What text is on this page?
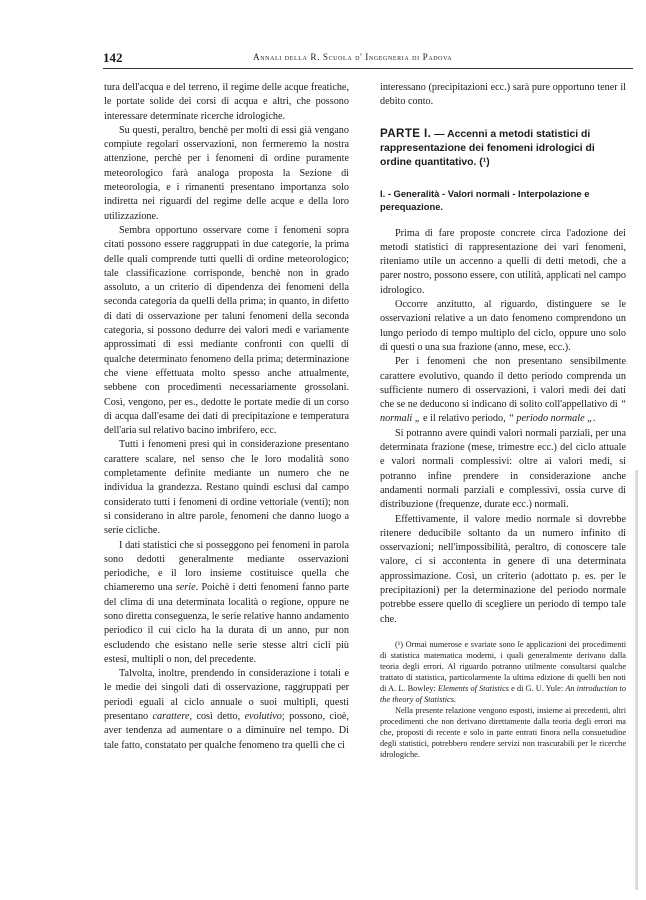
142	Annali della R. Scuola d' Ingegneria di Padova

tura dell'acqua e del terreno, il regime delle acque freatiche, le portate solide dei corsi di acqua e altri, che possono interessare determinate ricerche idrologiche.

Su questi, peraltro, benchè per molti di essi già vengano compiute regolari osservazioni, non fermeremo la nostra attenzione, perchè per i fenomeni di ordine puramente meteorologico farà analoga proposta la Sezione di meteorologia, e i rimanenti presentano importanza solo indiretta nei riguardi del regime delle acque e della loro utilizzazione.

Sembra opportuno osservare come i fenomeni sopra citati possono essere raggruppati in due categorie, la prima delle quali comprende tutti quelli di ordine meteorologico; tale classificazione corrisponde, benchè non in grado assoluto, a un criterio di dipendenza dei fenomeni della seconda categoria da quelli della prima; in quanto, in difetto di dati di osservazione per taluni fenomeni della seconda categoria, si possono dedurre dei valori medi e variamente approssimati di essi mediante confronti con quelli di qualche determinato fenomeno della prima; determinazione che viene effettuata molto spesso anche attualmente, sebbene con procedimenti necessariamente grossolani. Così, vengono, per es., dedotte le portate medie di un corso di acqua dall'esame dei dati di precipitazione e temperatura dell'aria sul relativo bacino imbrifero, ecc.

Tutti i fenomeni presi qui in considerazione presentano carattere scalare, nel senso che le loro modalità sono completamente definite mediante un numero che ne individua la grandezza. Restano quindi esclusi dal campo considerato tutti i fenomeni di ordine vettoriale (venti); non si considerano in altre parole, fenomeni che danno luogo a serie cicliche.

I dati statistici che si posseggono pei fenomeni in parola sono dedotti generalmente mediante osservazioni periodiche, e il loro insieme costituisce quella che chiameremo una serie. Poichè i detti fenomeni fanno parte del clima di una determinata località o regione, oppure ne sono diretta conseguenza, le serie relative hanno andamento periodico il cui ciclo ha la durata di un anno, pur non escludendo che esistano nelle serie stesse altri cicli più estesi, multipli o non, del precedente.

Talvolta, inoltre, prendendo in considerazione i totali e le medie dei singoli dati di osservazione, raggruppati per periodi eguali al ciclo annuale o suoi multipli, questi presentano carattere, così detto, evolutivo; possono, cioè, aver tendenza ad aumentare o a diminuire nel tempo. Di tale fatto, constatato per qualche fenomeno tra quelli che ci

interessano (precipitazioni ecc.) sarà pure opportuno tener il debito conto.

PARTE I. — Accenni a metodi statistici di rappresentazione dei fenomeni idrologici di ordine quantitativo. (¹)
I. - Generalità - Valori normali - Interpolazione e perequazione.

Prima di fare proposte concrete circa l'adozione dei metodi statistici di rappresentazione dei vari fenomeni, riteniamo utile un accenno a quelli di detti metodi, che a parer nostro, possono essere, con utilità, applicati nel campo idrologico.

Occorre anzitutto, al riguardo, distinguere se le osservazioni relative a un dato fenomeno comprendono un lungo periodo di tempo multiplo del ciclo, oppure uno solo di questi o una sua frazione (anno, mese, ecc.).

Per i fenomeni che non presentano sensibilmente carattere evolutivo, quando il detto periodo comprenda un sufficiente numero di osservazioni, i valori medi dei dati che se ne deducono si indicano di solito coll'appellativo di “ normali „ e il relativo periodo, “ periodo normale „.

Si potranno avere quindi valori normali parziali, per una determinata frazione (mese, trimestre ecc.) del ciclo attuale e valori normali complessivi: oltre ai valori medi, si potranno infine prendere in considerazione anche andamenti normali parziali e complessivi, ossia curve di distribuzione (frequenze, durate ecc.) normali.

Effettivamente, il valore medio normale si dovrebbe ritenere deducibile soltanto da un numero infinito di osservazioni; nell'impossibilità, peraltro, di conoscere tale valore, ci si accontenta in genere di una determinata approssimazione. Così, un criterio (adottato p. es. per le precipitazioni) per la determinazione del periodo normale potrebbe essere quello di scegliere un periodo di tempo tale che.

(¹) Ormai numerose e svariate sono le applicazioni dei procedimenti di statistica matematica moderni, i quali generalmente derivano dalla teoria degli errori. Al riguardo potranno utilmente consultarsi qualche trattato di statistica, particolarmente la ultima edizione di quelli ben noti di A. L. Bowley: Elements of Statistics e di G. U. Yule: An introduction to the theory of Statistics.

Nella presente relazione vengono esposti, insieme ai precedenti, altri procedimenti che non derivano direttamente dalla teoria degli errori ma che, proposti di recente e solo in parte entrati finora nella consuetudine degli statistici, potrebbero rendere servizi non trascurabili per le ricerche idrologiche.
